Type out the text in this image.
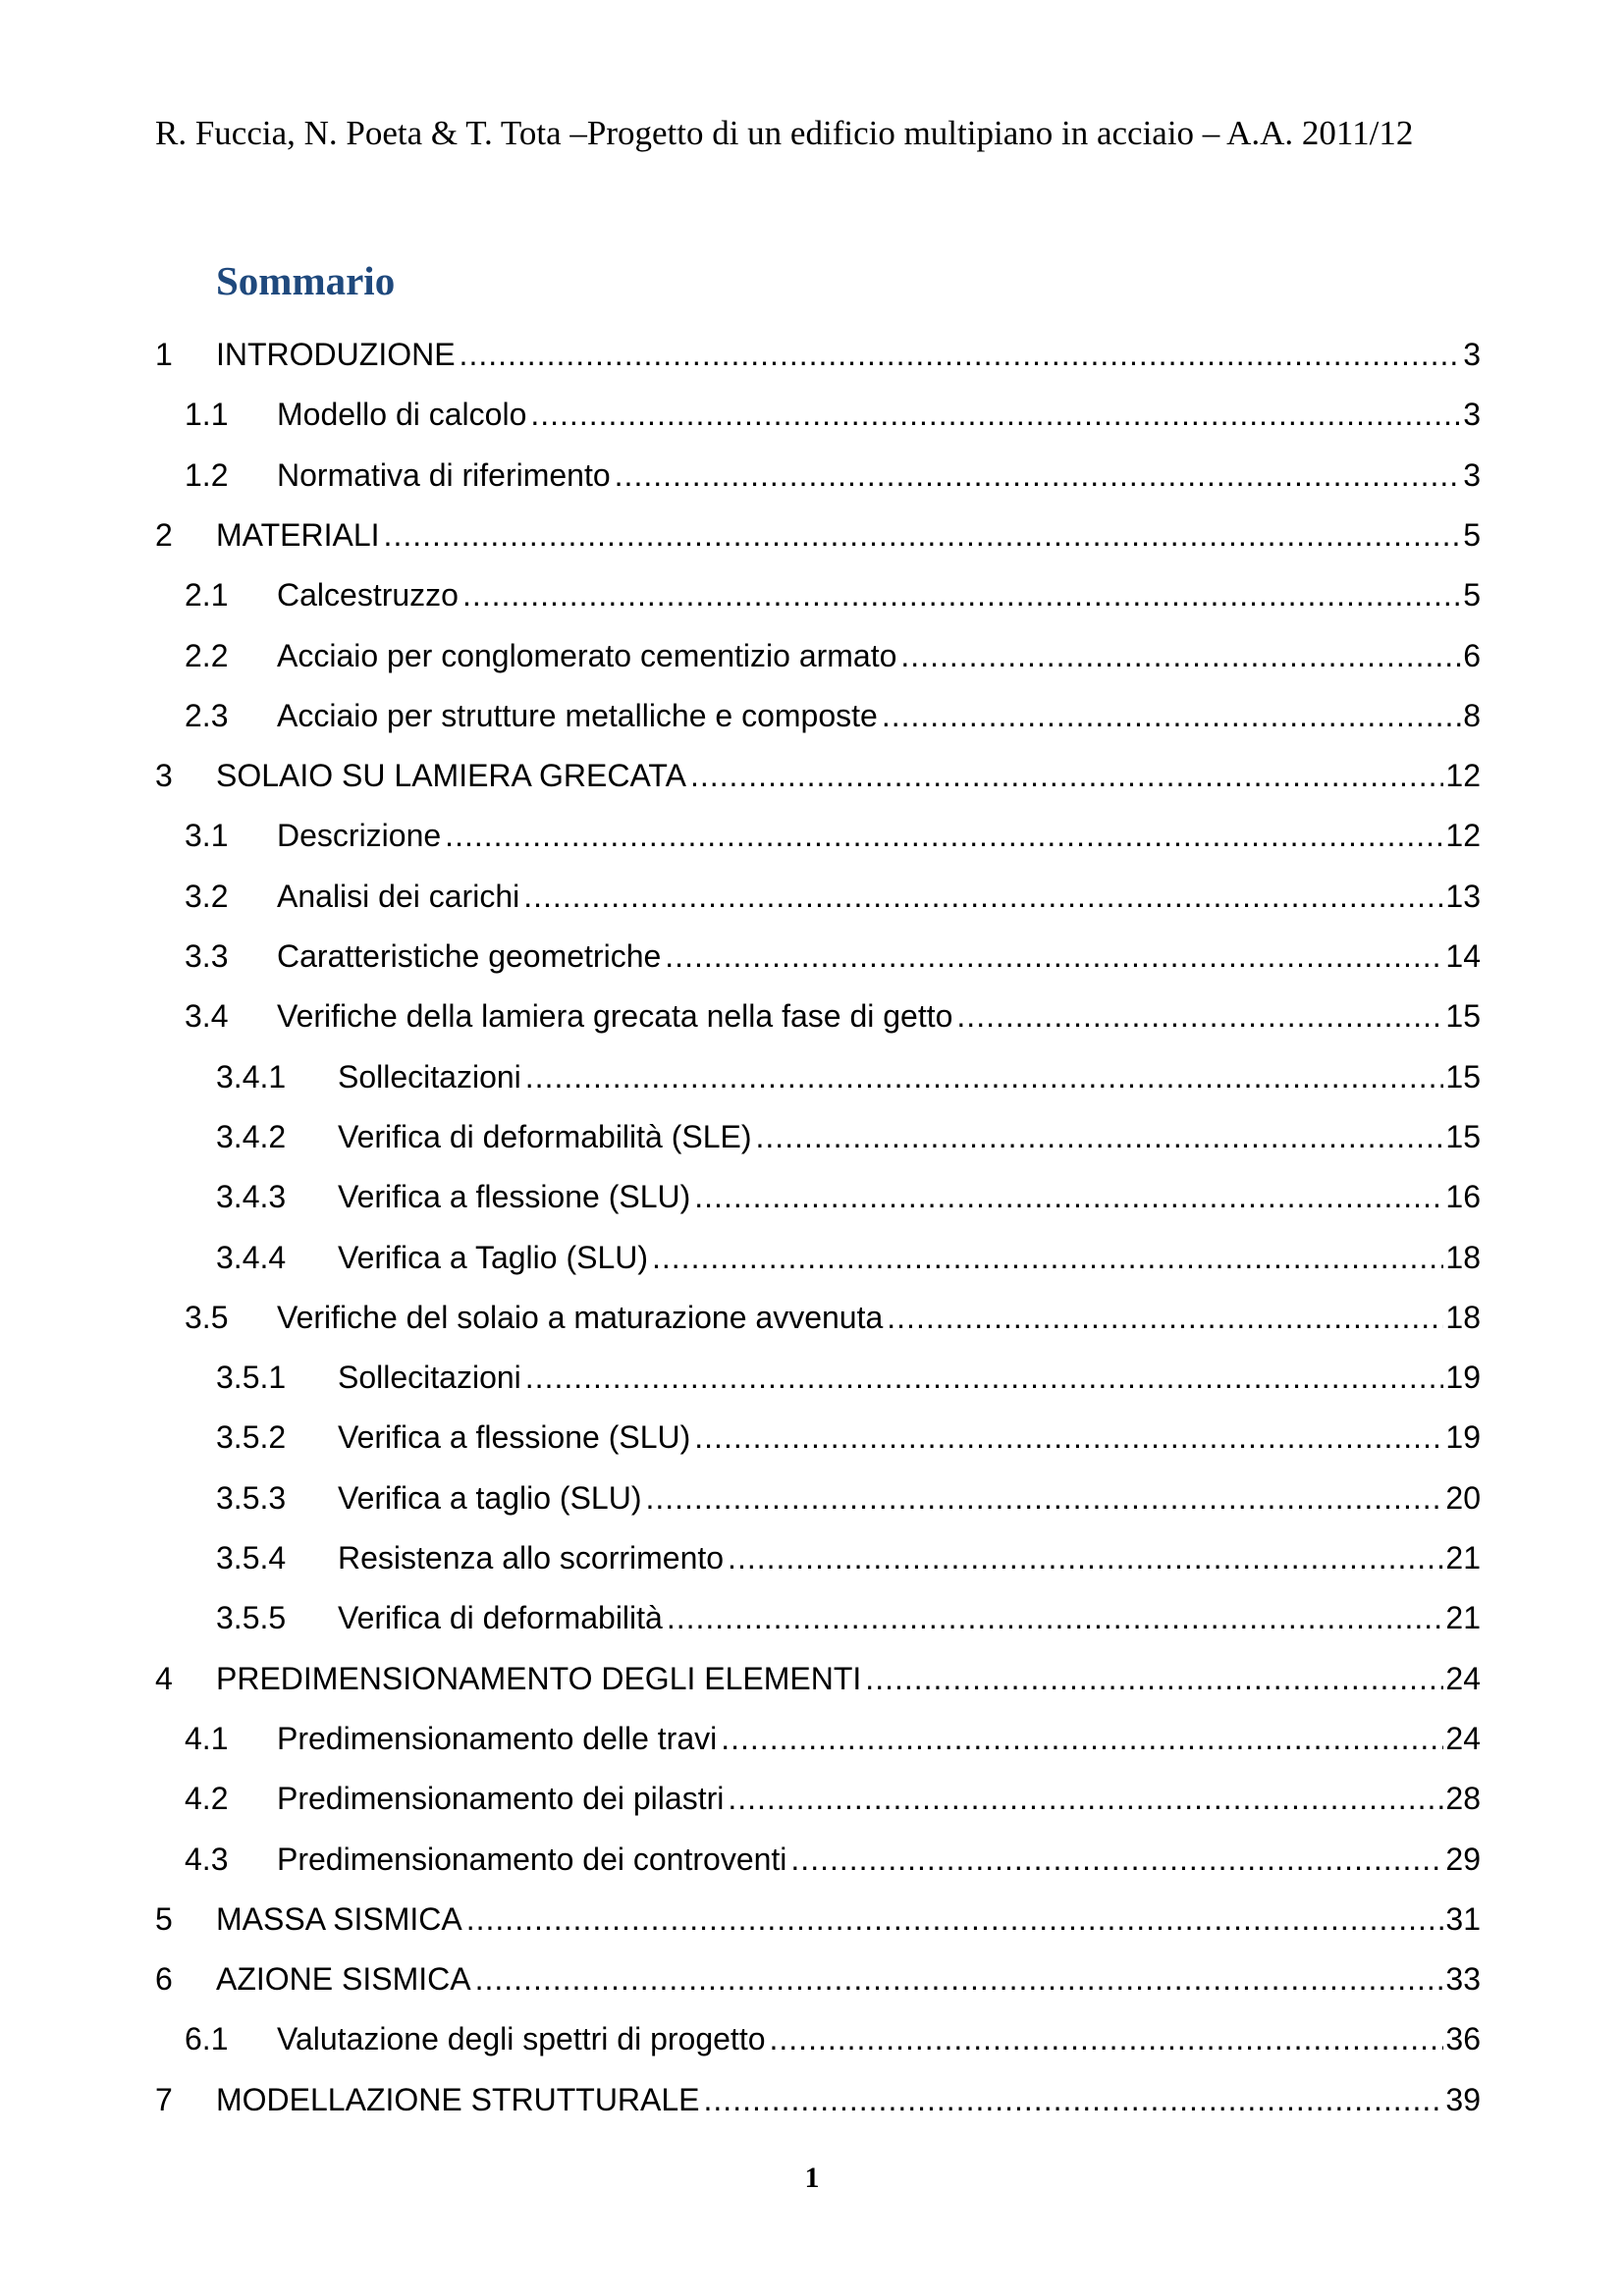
R. Fuccia, N. Poeta & T. Tota –Progetto di un edificio multipiano in acciaio – A.A. 2011/12
Sommario
1	INTRODUZIONE .....	3
1.1	Modello di calcolo .....	3
1.2	Normativa di riferimento .....	3
2	MATERIALI .....	5
2.1	Calcestruzzo .....	5
2.2	Acciaio per conglomerato cementizio armato .....	6
2.3	Acciaio per strutture metalliche e composte .....	8
3	SOLAIO SU LAMIERA GRECATA .....	12
3.1	Descrizione .....	12
3.2	Analisi dei carichi .....	13
3.3	Caratteristiche geometriche .....	14
3.4	Verifiche della lamiera grecata nella fase di getto .....	15
3.4.1	Sollecitazioni .....	15
3.4.2	Verifica di deformabilità (SLE) .....	15
3.4.3	Verifica a flessione (SLU) .....	16
3.4.4	Verifica a Taglio (SLU) .....	18
3.5	Verifiche del solaio a maturazione avvenuta .....	18
3.5.1	Sollecitazioni .....	19
3.5.2	Verifica a flessione (SLU) .....	19
3.5.3	Verifica a taglio (SLU) .....	20
3.5.4	Resistenza allo scorrimento .....	21
3.5.5	Verifica di deformabilità .....	21
4	PREDIMENSIONAMENTO DEGLI ELEMENTI .....	24
4.1	Predimensionamento delle travi .....	24
4.2	Predimensionamento dei pilastri .....	28
4.3	Predimensionamento dei controventi .....	29
5	MASSA SISMICA .....	31
6	AZIONE SISMICA .....	33
6.1	Valutazione degli spettri di progetto .....	36
7	MODELLAZIONE STRUTTURALE .....	39
1
